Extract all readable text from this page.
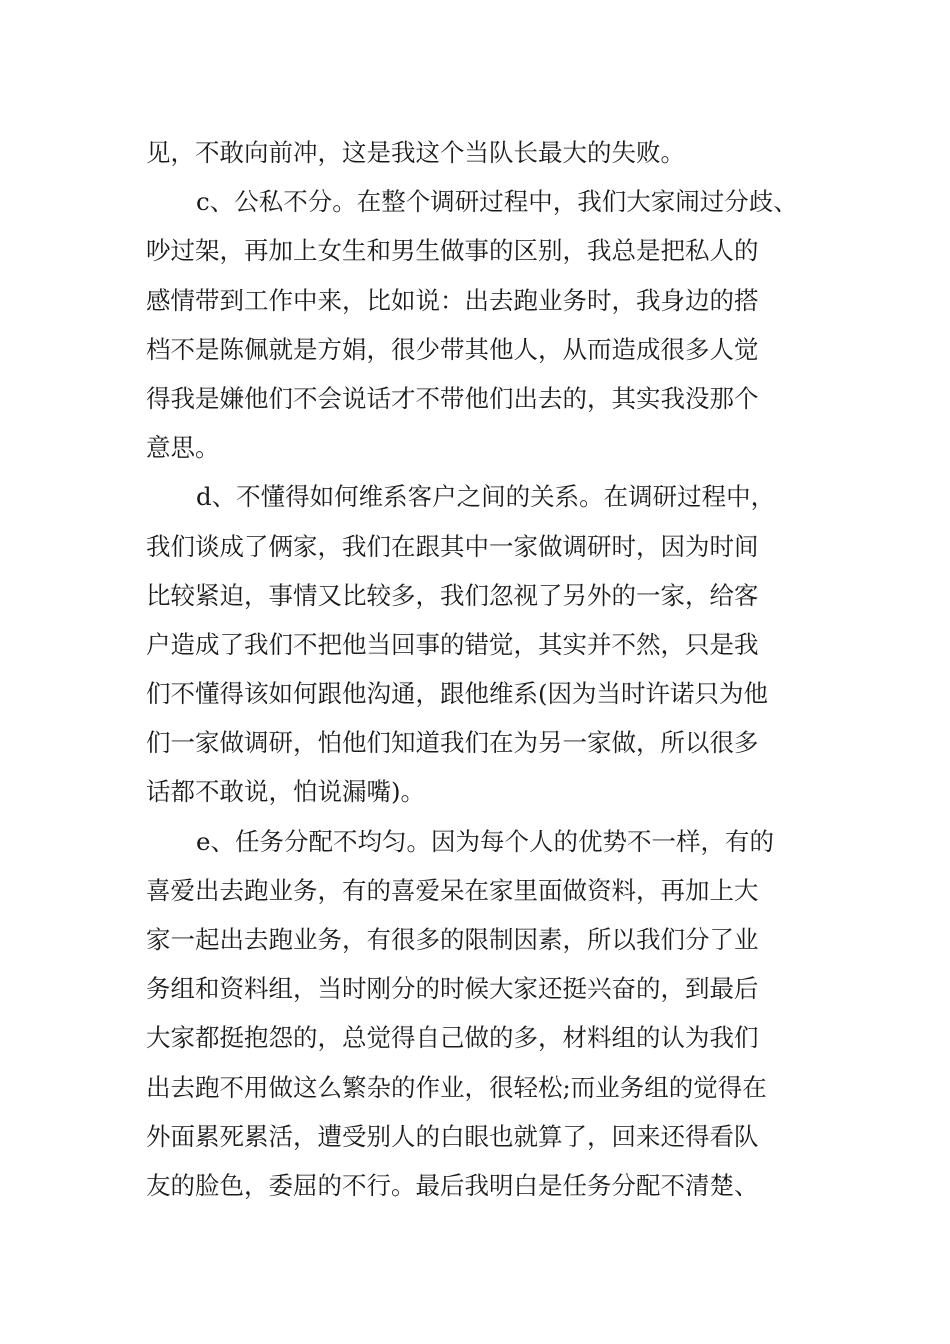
见，不敢向前冲，这是我这个当队长最大的失败。
c、公私不分。在整个调研过程中，我们大家闹过分歧、
吵过架，再加上女生和男生做事的区别，我总是把私人的
感情带到工作中来，比如说：出去跑业务时，我身边的搭
档不是陈佩就是方娟，很少带其他人，从而造成很多人觉
得我是嫌他们不会说话才不带他们出去的，其实我没那个
意思。
d、不懂得如何维系客户之间的关系。在调研过程中，
我们谈成了俩家，我们在跟其中一家做调研时，因为时间
比较紧迫，事情又比较多，我们忽视了另外的一家，给客
户造成了我们不把他当回事的错觉，其实并不然，只是我
们不懂得该如何跟他沟通，跟他维系(因为当时许诺只为他
们一家做调研，怕他们知道我们在为另一家做，所以很多
话都不敢说，怕说漏嘴)。
e、任务分配不均匀。因为每个人的优势不一样，有的
喜爱出去跑业务，有的喜爱呆在家里面做资料，再加上大
家一起出去跑业务，有很多的限制因素，所以我们分了业
务组和资料组，当时刚分的时候大家还挺兴奋的，到最后
大家都挺抱怨的，总觉得自己做的多，材料组的认为我们
出去跑不用做这么繁杂的作业，很轻松;而业务组的觉得在
外面累死累活，遭受别人的白眼也就算了，回来还得看队
友的脸色，委屈的不行。最后我明白是任务分配不清楚、
